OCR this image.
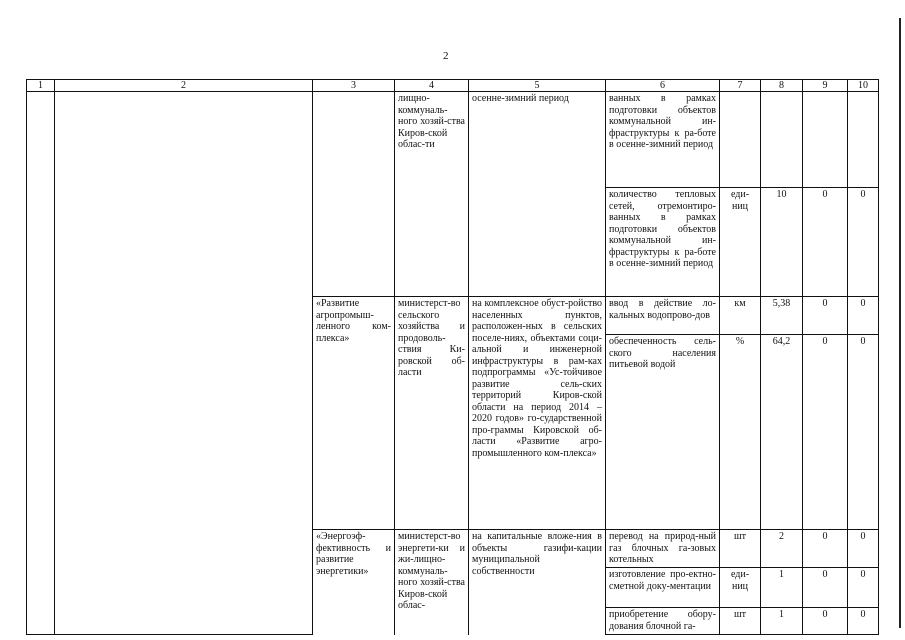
2
1	2	3	4	5	6	7	8	9	10
			лищно-коммуналь-ного хозяй-ства Киров-ской облас-ти	осенне-зимний период	ванных в рамках подготовки объектов коммунальной ин-фраструктуры к ра-боте в осенне-зимний период				
					количество тепловых сетей, отремонтиро-ванных в рамках подготовки объектов коммунальной ин-фраструктуры к ра-боте в осенне-зимний период	еди-ниц	10	0	0
		«Развитие агропромыш-ленного ком-плекса»	министерст-во сельского хозяйства и продоволь-ствия Ки-ровской об-ласти	на комплексное обуст-ройство населенных пунктов, расположен-ных в сельских поселе-ниях, объектами соци-альной и инженерной инфраструктуры в рам-ках подпрограммы «Ус-тойчивое развитие сель-ских территорий Киров-ской области на период 2014 – 2020 годов» го-сударственной про-граммы Кировской об-ласти «Развитие агро-промышленного ком-плекса»	ввод в действие ло-кальных водопрово-дов	км	5,38	0	0
					обеспеченность сель-ского населения питьевой водой	%	64,2	0	0
		«Энергоэф-фективность и развитие энергетики»	министерст-во энергети-ки и жи-лищно-коммуналь-ного хозяй-ства Киров-ской облас-	на капитальные вложе-ния в объекты газифи-кации муниципальной собственности	перевод на природ-ный газ блочных га-зовых котельных	шт	2	0	0
					изготовление про-ектно-сметной доку-ментации	еди-ниц	1	0	0
					приобретение обору-дования блочной га-	шт	1	0	0
